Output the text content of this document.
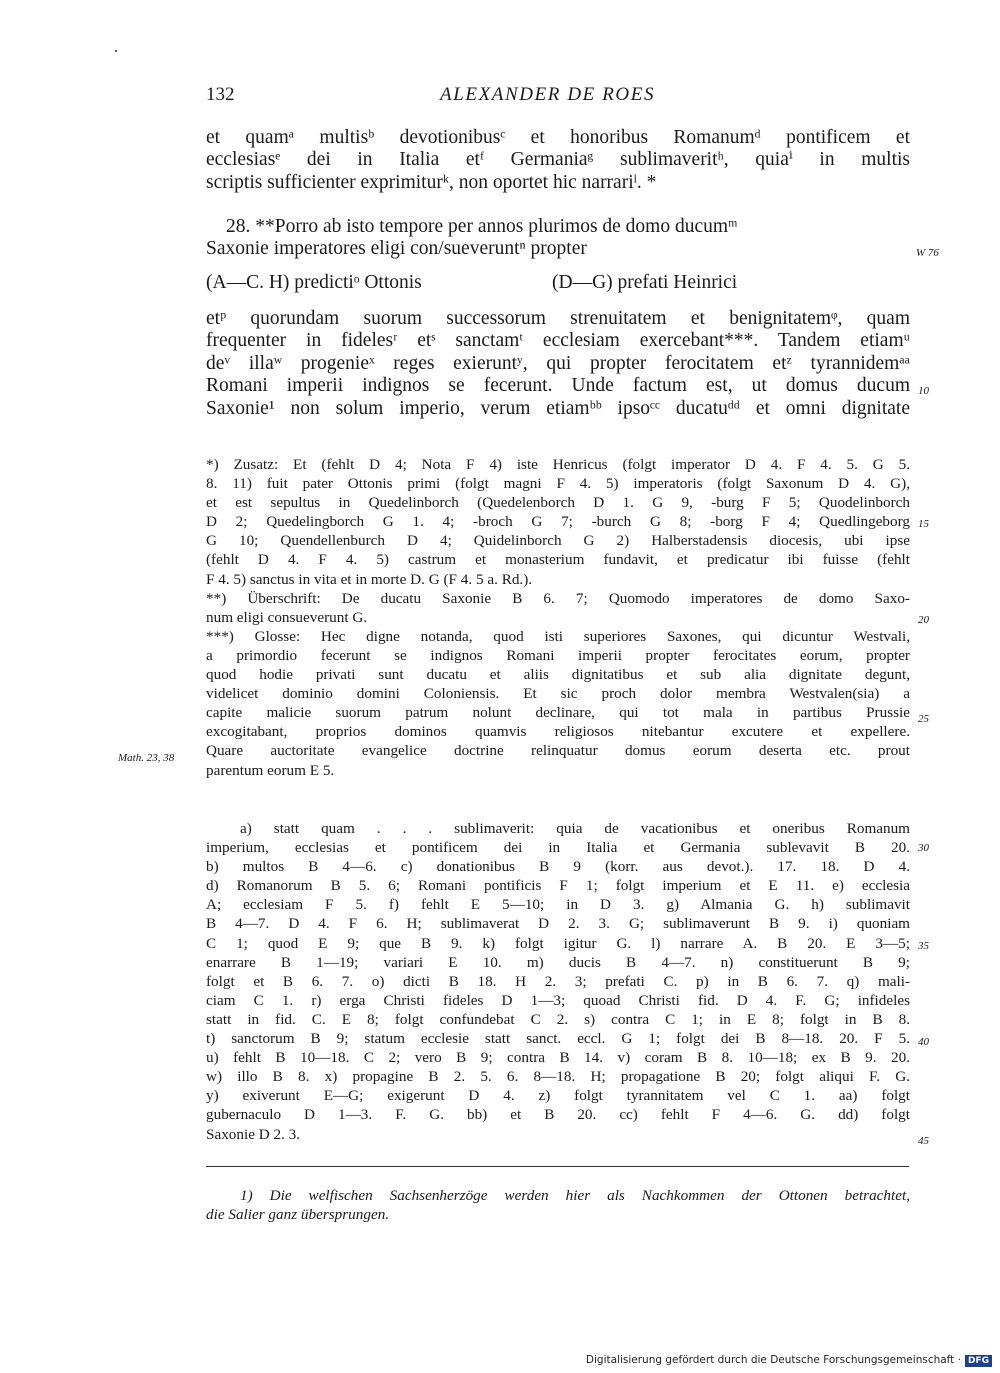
132	ALEXANDER DE ROES
et quamᵃ multisᵇ devotionibusᶜ et honoribus Romanumᵈ pontificem et
ecclesiasᵉ dei in Italia etᶠ Germaniaᵍ sublimaveritʰ, quiaⁱ in multis
scriptis sufficienter exprimiturᵏ, non oportet hic narrariˡ. *
28. **Porro ab isto tempore per annos plurimos de domo ducumᵐ
Saxonie imperatores eligi con/sueveruntⁿ propter
(A—C. H) predictiᵒ Ottonis	(D—G) prefati Heinrici
etᵖ quorundam suorum successorum strenuitatem et benignitatemᵠ, quam
frequenter in fidelesʳ etˢ sanctamᵗ ecclesiam exercebant***. Tandem etiamᵘ
deᵛ illaʷ progenieˣ reges exieruntʸ, qui propter ferocitatem etᶻ tyrannidemᵃᵃ
Romani imperii indignos se fecerunt. Unde factum est, ut domus ducum
Saxonie¹ non solum imperio, verum etiamᵇᵇ ipsoᶜᶜ ducatuᵈᵈ et omni dignitate
*) Zusatz: Et (fehlt D 4; Nota F 4) iste Henricus (folgt imperator D 4. F 4. 5. G 5.
8. 11) fuit pater Ottonis primi (folgt magni F 4. 5) imperatoris (folgt Saxonum D 4. G),
et est sepultus in Quedelinborch (Quedelenborch D 1. G 9, -burg F 5; Quodelinborch
D 2; Quedelingborch G 1. 4; -broch G 7; -burch G 8; -borg F 4; Quedlingeborg
G 10; Quendellenburch D 4; Quidelinborch G 2) Halberstadensis diocesis, ubi ipse
(fehlt D 4. F 4. 5) castrum et monasterium fundavit, et predicatur ibi fuisse (fehlt
F 4. 5) sanctus in vita et in morte D. G (F 4. 5 a. Rd.).
**) Überschrift: De ducatu Saxonie B 6. 7; Quomodo imperatores de domo Saxo-
num eligi consueverunt G.
***) Glosse: Hec digne notanda, quod isti superiores Saxones, qui dicuntur Westvali,
a primordio fecerunt se indignos Romani imperii propter ferocitates eorum, propter
quod hodie privati sunt ducatu et aliis dignitatibus et sub alia dignitate degunt,
videlicet dominio domini Coloniensis. Et sic proch dolor membra Westvalen(sia) a
capite malicie suorum patrum nolunt declinare, qui tot mala in partibus Prussie
excogitabant, proprios dominos quamvis religiosos nitebantur excutere et expellere.
Quare auctoritate evangelice doctrine relinquatur domus eorum deserta etc. prout
parentum eorum E 5.
a) statt quam . . . sublimaverit: quia de vacationibus et oneribus Romanum
imperium, ecclesias et pontificem dei in Italia et Germania sublevavit B 20.
b) multos B 4—6. c) donationibus B 9 (korr. aus devot.). 17. 18. D 4.
d) Romanorum B 5. 6; Romani pontificis F 1; folgt imperium et E 11. e) ecclesia
A; ecclesiam F 5. f) fehlt E 5—10; in D 3. g) Almania G. h) sublimavit
B 4—7. D 4. F 6. H; sublimaverat D 2. 3. G; sublimaverunt B 9. i) quoniam
C 1; quod E 9; que B 9. k) folgt igitur G. l) narrare A. B 20. E 3—5;
enarrare B 1—19; variari E 10. m) ducis B 4—7. n) constituerunt B 9;
folgt et B 6. 7. o) dicti B 18. H 2. 3; prefati C. p) in B 6. 7. q) mali-
ciam C 1. r) erga Christi fideles D 1—3; quoad Christi fid. D 4. F. G; infideles
statt in fid. C. E 8; folgt confundebat C 2. s) contra C 1; in E 8; folgt in B 8.
t) sanctorum B 9; statum ecclesie statt sanct. eccl. G 1; folgt dei B 8—18. 20. F 5.
u) fehlt B 10—18. C 2; vero B 9; contra B 14. v) coram B 8. 10—18; ex B 9. 20.
w) illo B 8. x) propagine B 2. 5. 6. 8—18. H; propagatione B 20; folgt aliqui F. G.
y) exiverunt E—G; exigerunt D 4. z) folgt tyrannitatem vel C 1. aa) folgt
gubernaculo D 1—3. F. G. bb) et B 20. cc) fehlt F 4—6. G. dd) folgt
Saxonie D 2. 3.
W 76
10
15
20
25
30
35
40
45
Math. 23, 38
1) Die welfischen Sachsenherzöge werden hier als Nachkommen der Ottonen betrachtet,
die Salier ganz übersprungen.
Digitalisierung gefördert durch die Deutsche Forschungsgemeinschaft · DFG
